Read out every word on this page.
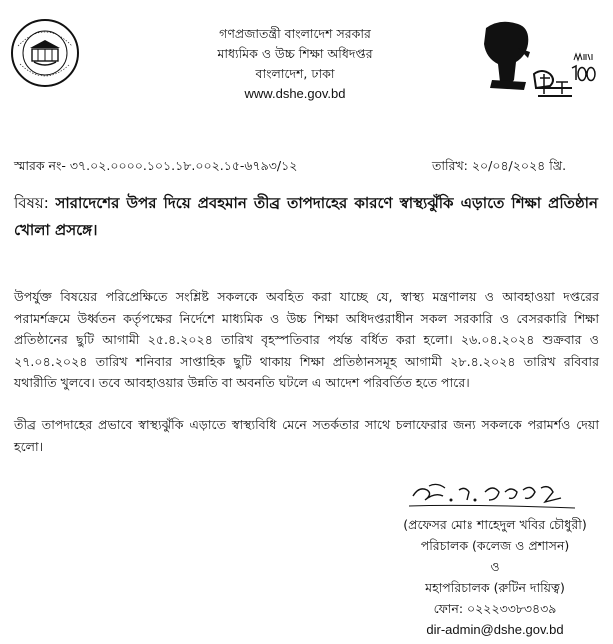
গণপ্রজাতন্ত্রী বাংলাদেশ সরকার
মাধ্যমিক ও উচ্চ শিক্ষা অধিদপ্তর
বাংলাদেশ, ঢাকা
www.dshe.gov.bd
স্মারক নং- ৩৭.০২.০০০০.১০১.১৮.০০২.১৫-৬৭৯৩/১২	তারিখ: ২০/০৪/২০২৪ খ্রি.
বিষয়: সারাদেশের উপর দিয়ে প্রবহমান তীব্র তাপদাহের কারণে স্বাস্থ্যঝুঁকি এড়াতে শিক্ষা প্রতিষ্ঠান খোলা প্রসঙ্গে।
উপর্যুক্ত বিষয়ের পরিপ্রেক্ষিতে সংশ্লিষ্ট সকলকে অবহিত করা যাচ্ছে যে, স্বাস্থ্য মন্ত্রণালয় ও আবহাওয়া দপ্তরের পরামর্শক্রমে উর্ধ্বতন কর্তৃপক্ষের নির্দেশে মাধ্যমিক ও উচ্চ শিক্ষা অধিদপ্তরাধীন সকল সরকারি ও বেসরকারি শিক্ষা প্রতিষ্ঠানের ছুটি আগামী ২৫.৪.২০২৪ তারিখ বৃহস্পতিবার পর্যন্ত বর্ধিত করা হলো। ২৬.০৪.২০২৪ শুক্রবার ও ২৭.০৪.২০২৪ তারিখ শনিবার সাপ্তাহিক ছুটি থাকায় শিক্ষা প্রতিষ্ঠানসমূহ আগামী ২৮.৪.২০২৪ তারিখ রবিবার যথারীতি খুলবে। তবে আবহাওয়ার উন্নতি বা অবনতি ঘটলে এ আদেশ পরিবর্তিত হতে পারে।
তীব্র তাপদাহের প্রভাবে স্বাস্থ্যঝুঁকি এড়াতে স্বাস্থ্যবিধি মেনে সতর্কতার সাথে চলাফেরার জন্য সকলকে পরামর্শও দেয়া হলো।
(প্রফেসর মোঃ শাহেদুল খবির চৌধুরী)
পরিচালক (কলেজ ও প্রশাসন)
ও
মহাপরিচালক (রুটিন দায়িত্ব)
ফোন: ০২২২৩৩৮৩৪৩৯
dir-admin@dshe.gov.bd
